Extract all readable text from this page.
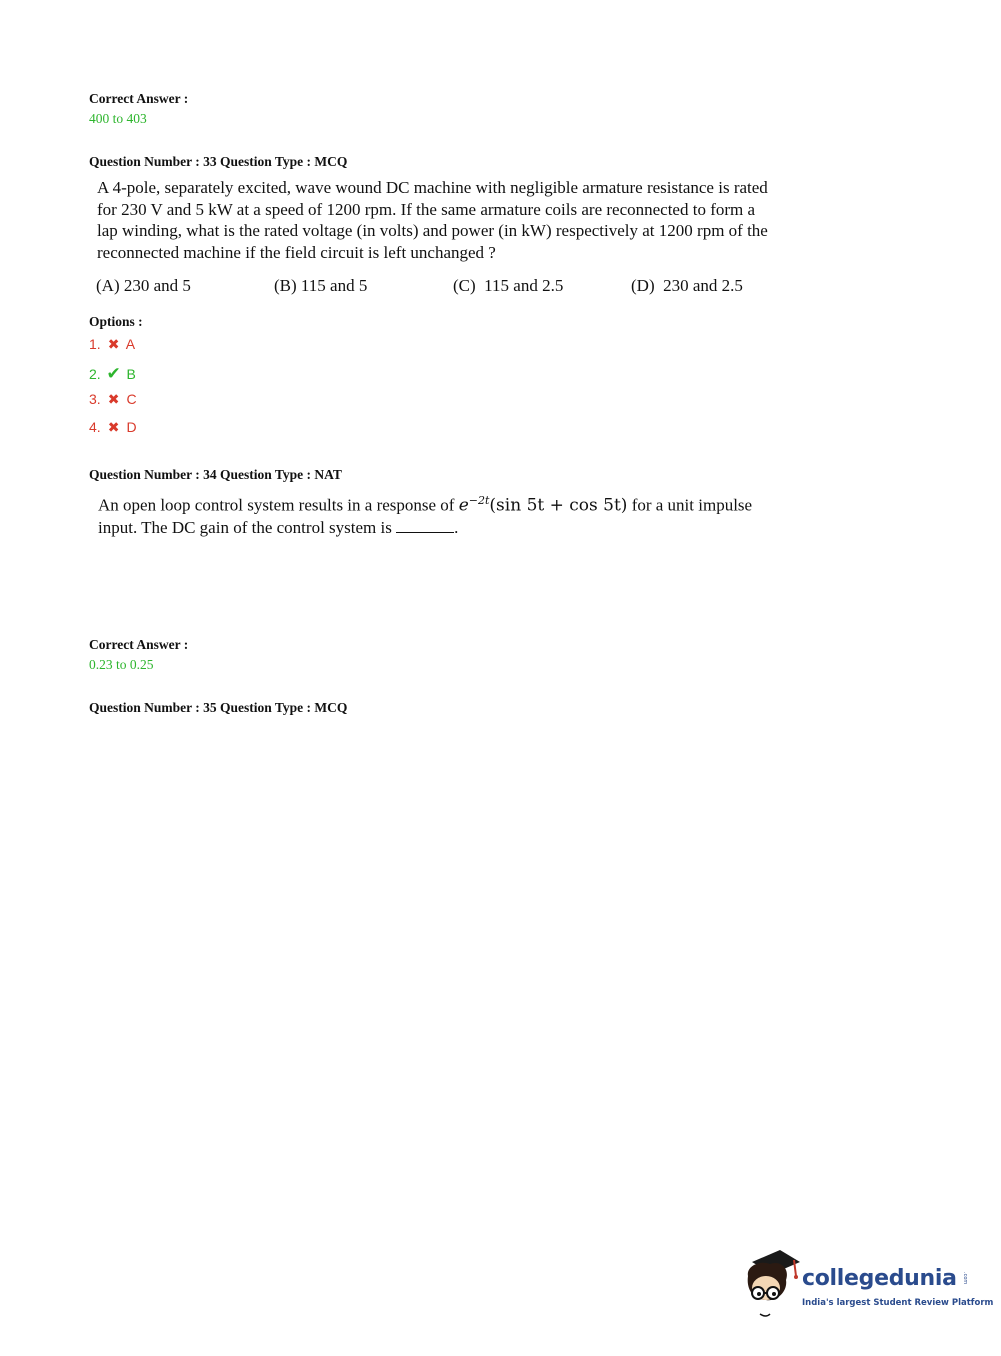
Correct Answer :
400 to 403
Question Number : 33 Question Type : MCQ
A 4-pole, separately excited, wave wound DC machine with negligible armature resistance is rated
for 230 V and 5 kW at a speed of 1200 rpm. If the same armature coils are reconnected to form a
lap winding, what is the rated voltage (in volts) and power (in kW) respectively at 1200 rpm of the
reconnected machine if the field circuit is left unchanged ?
(A) 230 and 5	(B) 115 and 5	(C)  115 and 2.5	(D)  230 and 2.5
Options :
1. ✖ A
2. ✔ B
3. ✖ C
4. ✖ D
Question Number : 34 Question Type : NAT
An open loop control system results in a response of $e^{-2t}(\sin$ 5t + cos 5t) for a unit impulse
input. The DC gain of the control system is	.
Correct Answer :
0.23 to 0.25
Question Number : 35 Question Type : MCQ
collegedunia .com
India's largest Student Review Platform
